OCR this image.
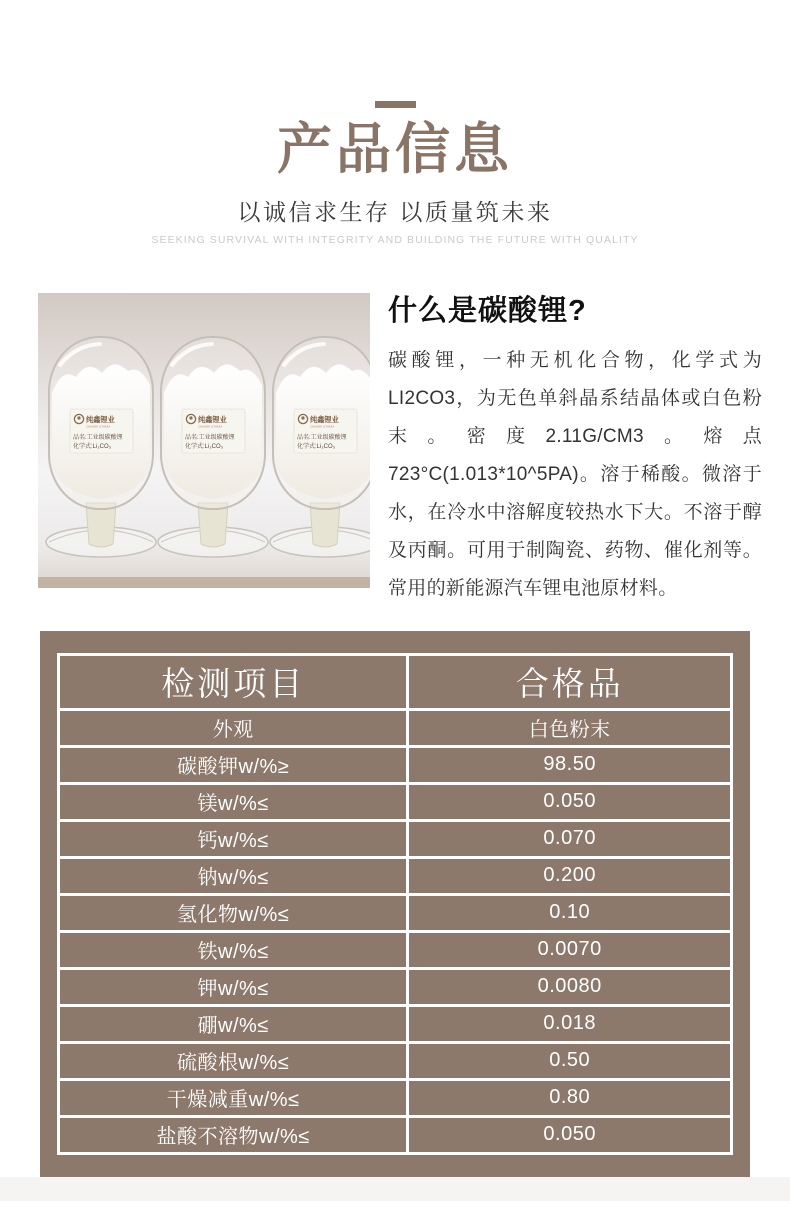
产品信息
以诚信求生存 以质量筑未来
SEEKING SURVIVAL WITH INTEGRITY AND BUILDING THE FUTURE WITH QUALITY
纯鑫锂业
CHUNXIN LITHIUM
品名:工业级碳酸锂
化学式:Li₂CO₃
纯鑫锂业
CHUNXIN LITHIUM
品名:工业级碳酸锂
化学式:Li₂CO₃
纯鑫锂业
CHUNXIN LITHIUM
品名:工业级碳酸锂
化学式:Li₂CO₃
什么是碳酸锂?

碳酸锂，一种无机化合物，化学式为LI2CO3，为无色单斜晶系结晶体或白色粉末。密度2.11G/CM3。熔点723°C(1.013*10^5PA)。溶于稀酸。微溶于水，在冷水中溶解度较热水下大。不溶于醇及丙酮。可用于制陶瓷、药物、催化剂等。常用的新能源汽车锂电池原材料。

检测项目	合格品
外观	白色粉末
碳酸钾w/%≥	98.50
镁w/%≤	0.050
钙w/%≤	0.070
钠w/%≤	0.200
氢化物w/%≤	0.10
铁w/%≤	0.0070
钾w/%≤	0.0080
硼w/%≤	0.018
硫酸根w/%≤	0.50
干燥减重w/%≤	0.80
盐酸不溶物w/%≤	0.050
